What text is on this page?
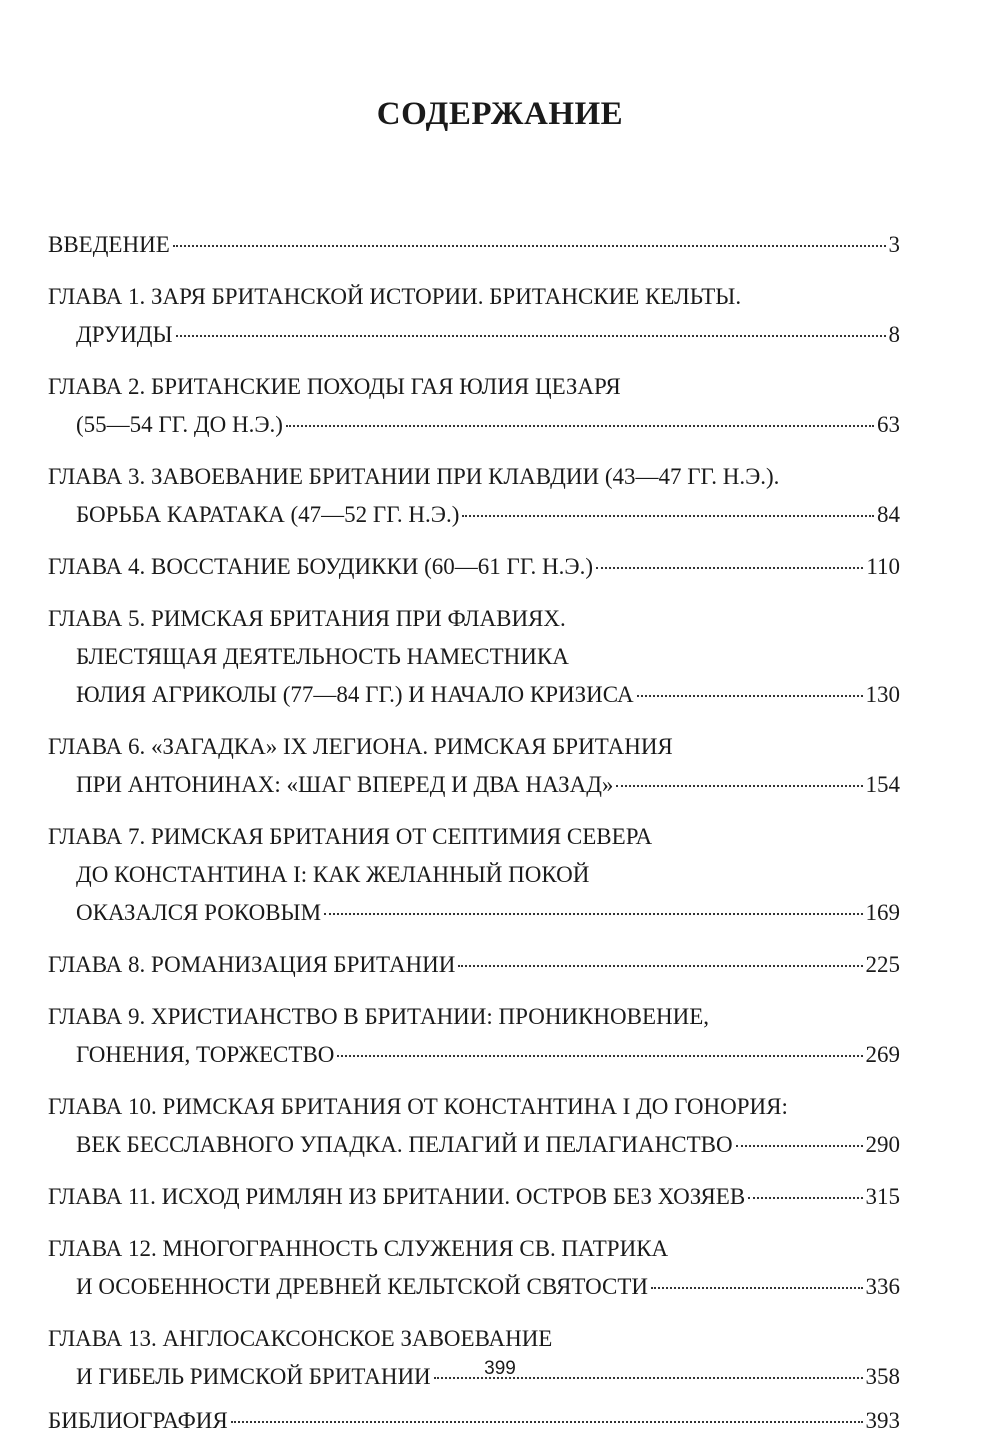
СОДЕРЖАНИЕ
ВВЕДЕНИЕ	3
ГЛАВА 1. ЗАРЯ БРИТАНСКОЙ ИСТОРИИ. БРИТАНСКИЕ КЕЛЬТЫ.
ДРУИДЫ	8
ГЛАВА 2. БРИТАНСКИЕ ПОХОДЫ ГАЯ ЮЛИЯ ЦЕЗАРЯ
(55—54 ГГ. ДО Н.Э.)	63
ГЛАВА 3. ЗАВОЕВАНИЕ БРИТАНИИ ПРИ КЛАВДИИ (43—47 ГГ. Н.Э.).
БОРЬБА КАРАТАКА (47—52 ГГ. Н.Э.)	84
ГЛАВА 4. ВОССТАНИЕ БОУДИККИ (60—61 ГГ. Н.Э.)	110
ГЛАВА 5. РИМСКАЯ БРИТАНИЯ ПРИ ФЛАВИЯХ.
БЛЕСТЯЩАЯ ДЕЯТЕЛЬНОСТЬ НАМЕСТНИКА
ЮЛИЯ АГРИКОЛЫ (77—84 ГГ.) И НАЧАЛО КРИЗИСА	130
ГЛАВА 6. «ЗАГАДКА» IX ЛЕГИОНА. РИМСКАЯ БРИТАНИЯ
ПРИ АНТОНИНАХ: «ШАГ ВПЕРЕД И ДВА НАЗАД»	154
ГЛАВА 7. РИМСКАЯ БРИТАНИЯ ОТ СЕПТИМИЯ СЕВЕРА
ДО КОНСТАНТИНА I: КАК ЖЕЛАННЫЙ ПОКОЙ
ОКАЗАЛСЯ РОКОВЫМ	169
ГЛАВА 8. РОМАНИЗАЦИЯ БРИТАНИИ	225
ГЛАВА 9. ХРИСТИАНСТВО В БРИТАНИИ: ПРОНИКНОВЕНИЕ,
ГОНЕНИЯ, ТОРЖЕСТВО	269
ГЛАВА 10. РИМСКАЯ БРИТАНИЯ ОТ КОНСТАНТИНА I ДО ГОНОРИЯ:
ВЕК БЕССЛАВНОГО УПАДКА. ПЕЛАГИЙ И ПЕЛАГИАНСТВО	290
ГЛАВА 11. ИСХОД РИМЛЯН ИЗ БРИТАНИИ. ОСТРОВ БЕЗ ХОЗЯЕВ	315
ГЛАВА 12. МНОГОГРАННОСТЬ СЛУЖЕНИЯ СВ. ПАТРИКА
И ОСОБЕННОСТИ ДРЕВНЕЙ КЕЛЬТСКОЙ СВЯТОСТИ	336
ГЛАВА 13. АНГЛОСАКСОНСКОЕ ЗАВОЕВАНИЕ
И ГИБЕЛЬ РИМСКОЙ БРИТАНИИ	358
БИБЛИОГРАФИЯ	393
399
